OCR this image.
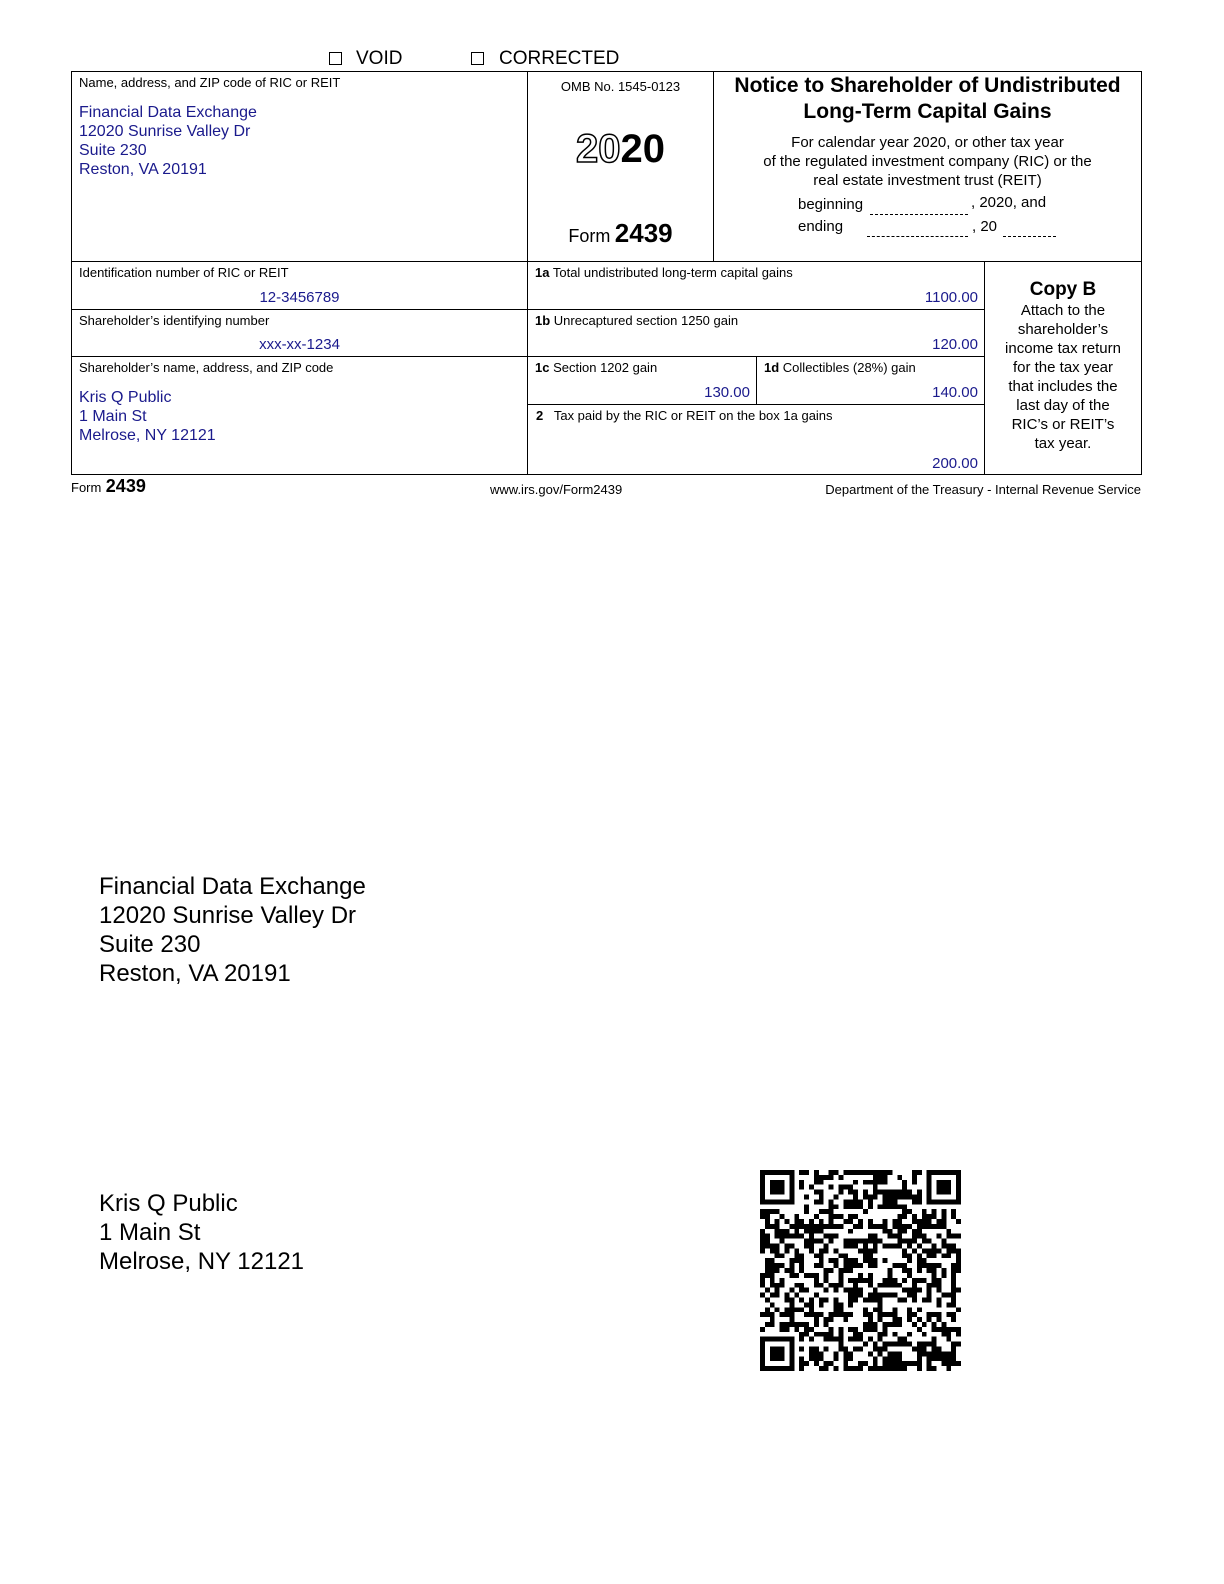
VOID	CORRECTED
Name, address, and ZIP code of RIC or REIT
Financial Data Exchange
12020 Sunrise Valley Dr
Suite 230
Reston, VA 20191
OMB No. 1545-0123
2020
Form 2439
Notice to Shareholder of Undistributed
Long-Term Capital Gains
For calendar year 2020, or other tax year
of the regulated investment company (RIC) or the
real estate investment trust (REIT)
beginning	, 2020, and
ending	, 20
Identification number of RIC or REIT
12-3456789
Shareholder’s identifying number
xxx-xx-1234
Shareholder’s name, address, and ZIP code
Kris Q Public
1 Main St
Melrose, NY 12121
1a Total undistributed long-term capital gains
1100.00
1b Unrecaptured section 1250 gain
120.00
1c Section 1202 gain
130.00
1d Collectibles (28%) gain
140.00
2 Tax paid by the RIC or REIT on the box 1a gains
200.00
Copy B
Attach to the
shareholder’s
income tax return
for the tax year
that includes the
last day of the
RIC’s or REIT’s
tax year.
Form 2439	www.irs.gov/Form2439	Department of the Treasury - Internal Revenue Service
Financial Data Exchange
12020 Sunrise Valley Dr
Suite 230
Reston, VA 20191
Kris Q Public
1 Main St
Melrose, NY 12121
